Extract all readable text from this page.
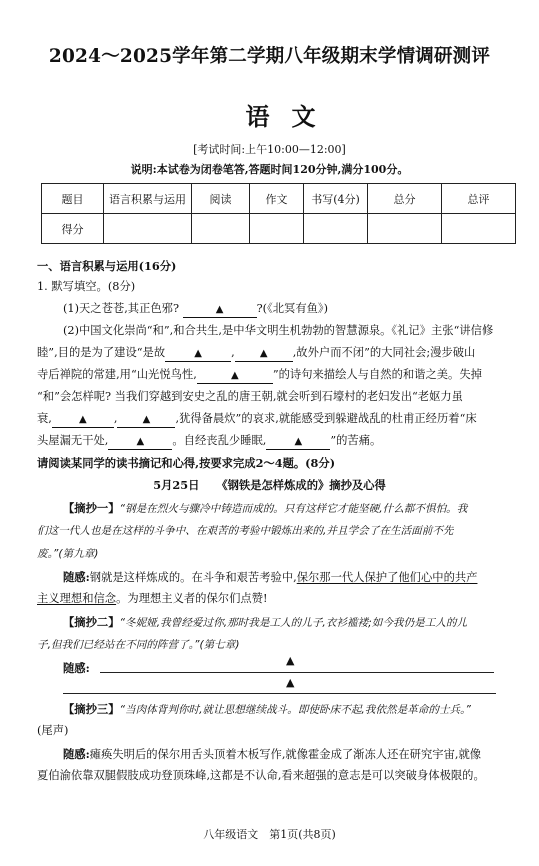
2024～2025学年第二学期八年级期末学情调研测评
语文
[考试时间:上午10:00—12:00]
说明:本试卷为闭卷笔答,答题时间120分钟,满分100分。
题目	语言积累与运用	阅读	作文	书写(4分)	总分	总评
得分						
一、语言积累与运用(16分)
1. 默写填空。(8分)
(1)天之苍苍,其正色邪?	▲	?(《北冥有鱼》)
(2)中国文化崇尚“和”,和合共生,是中华文明生机勃勃的智慧源泉。《礼记》主张“讲信修
睦”,目的是为了建设“是故	▲	,	▲ ,故外户而不闭”的大同社会;漫步破山
寺后禅院的常建,用“山光悦鸟性,	▲	”的诗句来描绘人与自然的和谐之美。失掉
“和”会怎样呢? 当我们穿越到安史之乱的唐王朝,就会听到石壕村的老妇发出“老妪力虽
衰,	▲ ,	▲ ,犹得备晨炊”的哀求,就能感受到躲避战乱的杜甫正经历着“床
头屋漏无干处,	▲ 。自经丧乱少睡眠,	▲ ”的苦痛。
请阅读某同学的读书摘记和心得,按要求完成2～4题。(8分)
5月25日　　《钢铁是怎样炼成的》摘抄及心得
【摘抄一】“钢是在烈火与骤冷中铸造而成的。只有这样它才能坚硬,什么都不惧怕。我
们这一代人也是在这样的斗争中、在艰苦的考验中锻炼出来的,并且学会了在生活面前不先
废。”(第九章)
随感:钢就是这样炼成的。在斗争和艰苦考验中,保尔那一代人保护了他们心中的共产
主义理想和信念。为理想主义者的保尔们点赞!
【摘抄二】“冬妮娅,我曾经爱过你,那时我是工人的儿子,衣衫褴褛;如今我仍是工人的儿
子,但我们已经站在不同的阵营了。”(第七章)
随感:
▲
▲
【摘抄三】“当肉体背判你时,就让思想继续战斗。即使卧床不起,我依然是革命的士兵。”
(尾声)
随感:瘫痪失明后的保尔用舌头顶着木板写作,就像霍金成了渐冻人还在研究宇宙,就像
夏伯渝依靠双腿假肢成功登顶珠峰,这都是不认命,看来超强的意志是可以突破身体极限的。
八年级语文　第1页(共8页)
